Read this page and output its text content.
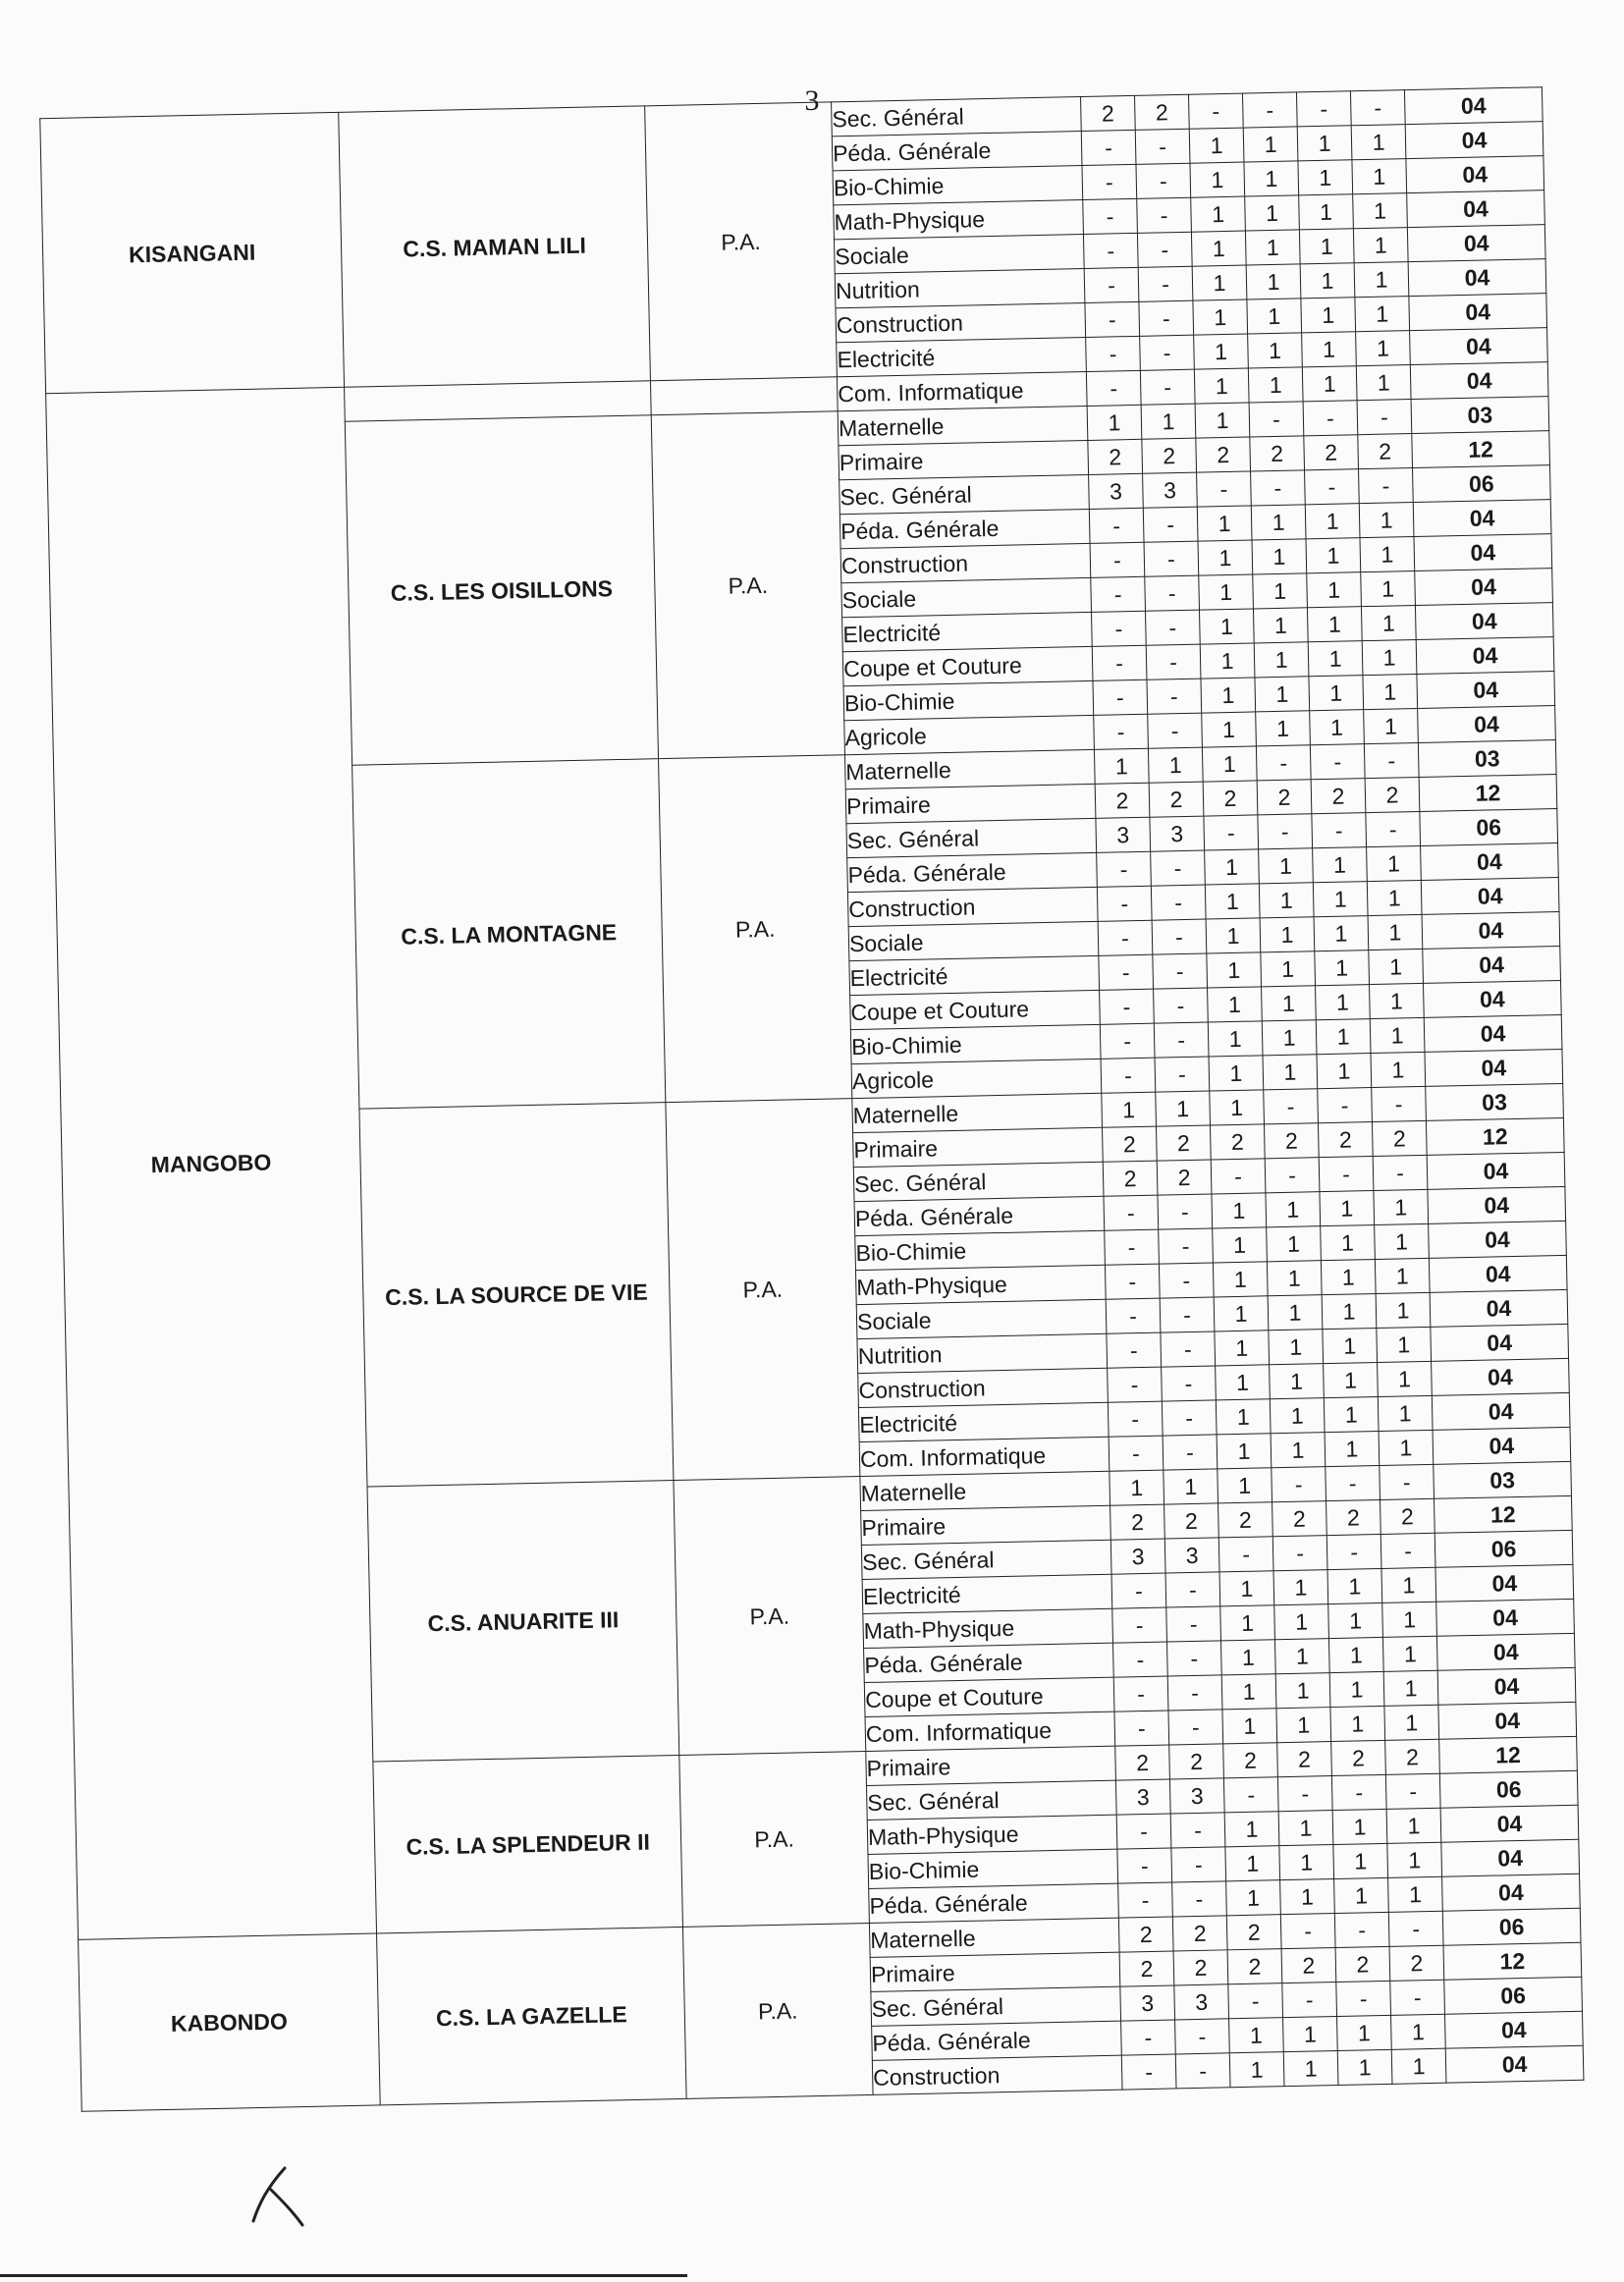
3
KISANGANI	C.S. MAMAN LILI	P.A.	Sec. Général	2	2	-	-	-	-	04
			Péda. Générale	-	-	1	1	1	1	04
			Bio-Chimie	-	-	1	1	1	1	04
			Math-Physique	-	-	1	1	1	1	04
			Sociale	-	-	1	1	1	1	04
			Nutrition	-	-	1	1	1	1	04
			Construction	-	-	1	1	1	1	04
			Electricité	-	-	1	1	1	1	04
MANGOBO			Com. Informatique	-	-	1	1	1	1	04
	C.S. LES OISILLONS	P.A.	Maternelle	1	1	1	-	-	-	03
			Primaire	2	2	2	2	2	2	12
			Sec. Général	3	3	-	-	-	-	06
			Péda. Générale	-	-	1	1	1	1	04
			Construction	-	-	1	1	1	1	04
			Sociale	-	-	1	1	1	1	04
			Electricité	-	-	1	1	1	1	04
			Coupe et Couture	-	-	1	1	1	1	04
			Bio-Chimie	-	-	1	1	1	1	04
			Agricole	-	-	1	1	1	1	04
	C.S. LA MONTAGNE	P.A.	Maternelle	1	1	1	-	-	-	03
			Primaire	2	2	2	2	2	2	12
			Sec. Général	3	3	-	-	-	-	06
			Péda. Générale	-	-	1	1	1	1	04
			Construction	-	-	1	1	1	1	04
			Sociale	-	-	1	1	1	1	04
			Electricité	-	-	1	1	1	1	04
			Coupe et Couture	-	-	1	1	1	1	04
			Bio-Chimie	-	-	1	1	1	1	04
			Agricole	-	-	1	1	1	1	04
	C.S. LA SOURCE DE VIE	P.A.	Maternelle	1	1	1	-	-	-	03
			Primaire	2	2	2	2	2	2	12
			Sec. Général	2	2	-	-	-	-	04
			Péda. Générale	-	-	1	1	1	1	04
			Bio-Chimie	-	-	1	1	1	1	04
			Math-Physique	-	-	1	1	1	1	04
			Sociale	-	-	1	1	1	1	04
			Nutrition	-	-	1	1	1	1	04
			Construction	-	-	1	1	1	1	04
			Electricité	-	-	1	1	1	1	04
			Com. Informatique	-	-	1	1	1	1	04
	C.S. ANUARITE III	P.A.	Maternelle	1	1	1	-	-	-	03
			Primaire	2	2	2	2	2	2	12
			Sec. Général	3	3	-	-	-	-	06
			Electricité	-	-	1	1	1	1	04
			Math-Physique	-	-	1	1	1	1	04
			Péda. Générale	-	-	1	1	1	1	04
			Coupe et Couture	-	-	1	1	1	1	04
			Com. Informatique	-	-	1	1	1	1	04
	C.S. LA SPLENDEUR II	P.A.	Primaire	2	2	2	2	2	2	12
			Sec. Général	3	3	-	-	-	-	06
			Math-Physique	-	-	1	1	1	1	04
			Bio-Chimie	-	-	1	1	1	1	04
			Péda. Générale	-	-	1	1	1	1	04
KABONDO	C.S. LA GAZELLE	P.A.	Maternelle	2	2	2	-	-	-	06
			Primaire	2	2	2	2	2	2	12
			Sec. Général	3	3	-	-	-	-	06
			Péda. Générale	-	-	1	1	1	1	04
			Construction	-	-	1	1	1	1	04
